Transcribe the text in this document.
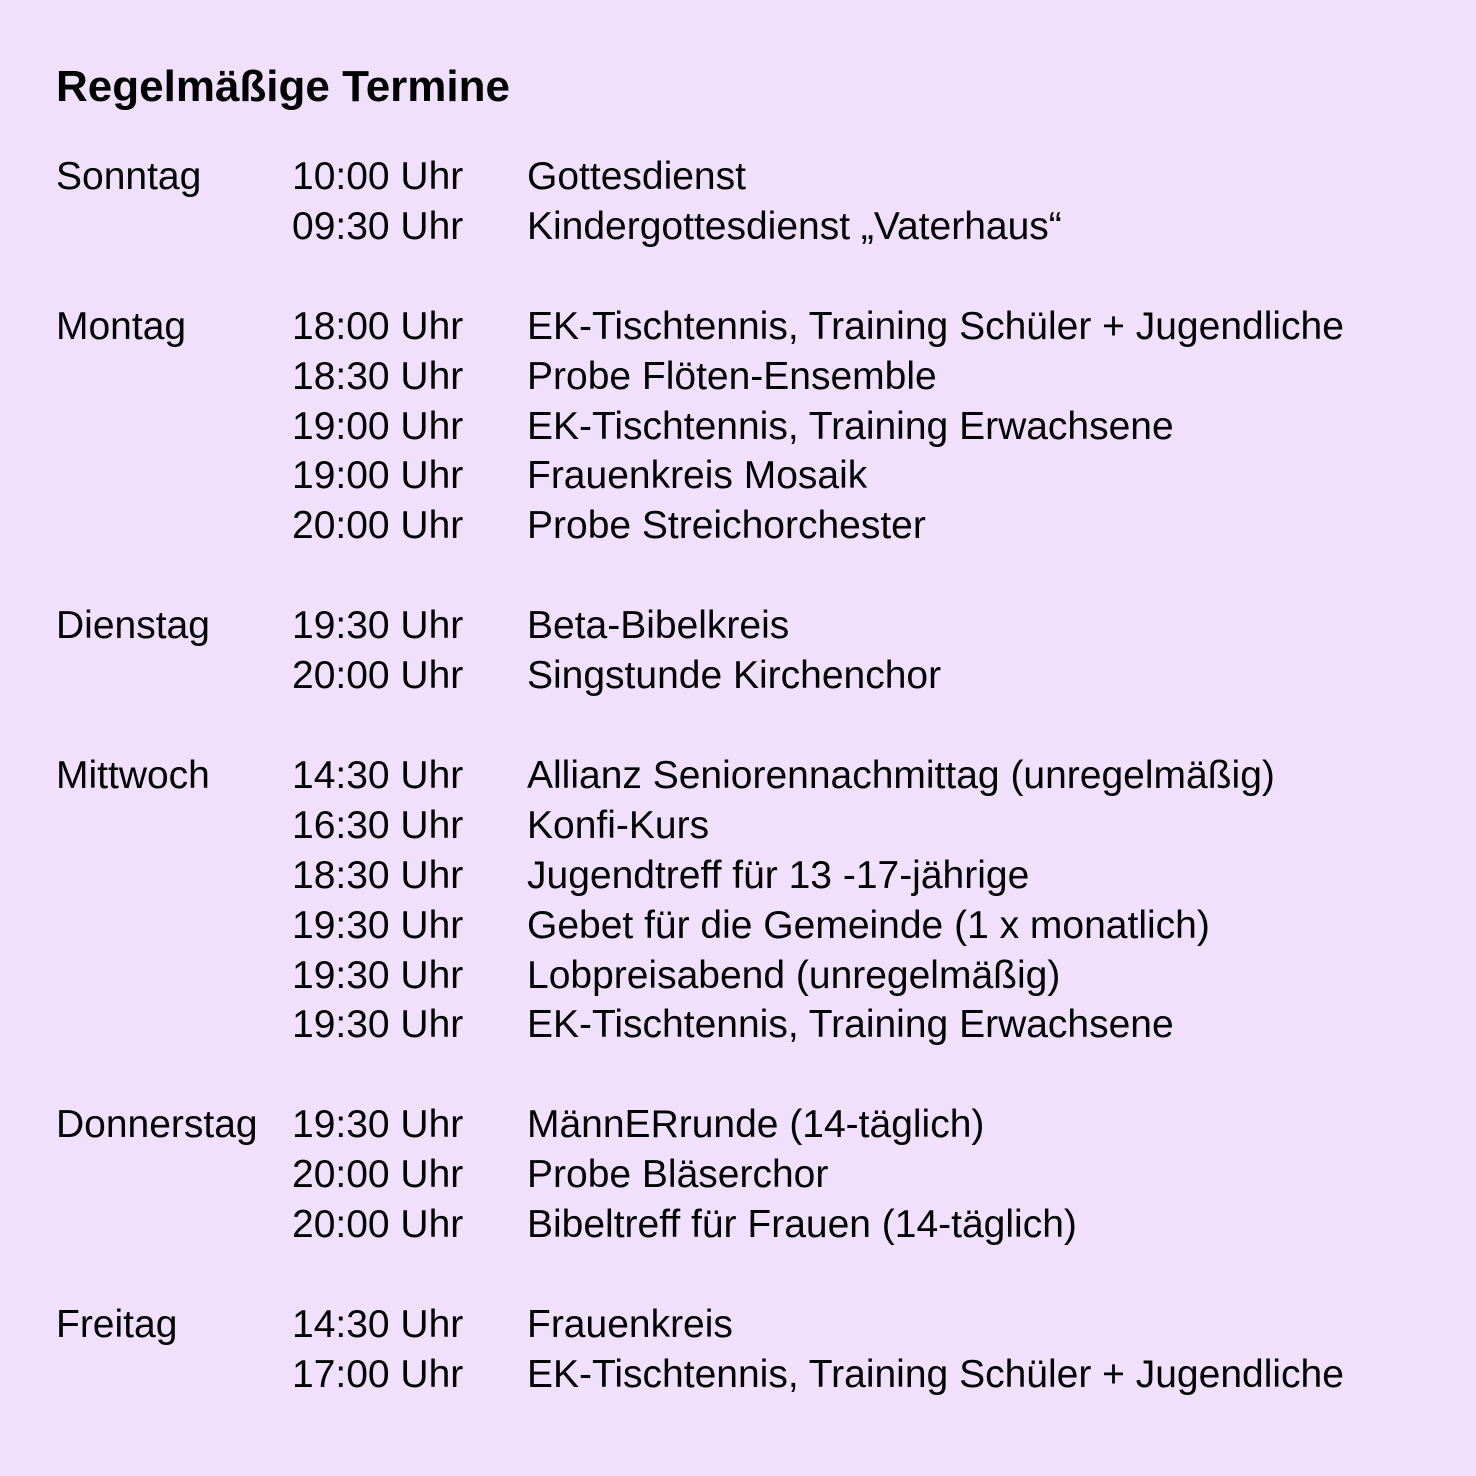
Regelmäßige Termine
Sonntag	10:00 Uhr	Gottesdienst
09:30 Uhr	Kindergottesdienst „Vaterhaus“
Montag	18:00 Uhr	EK-Tischtennis, Training Schüler + Jugendliche
18:30 Uhr	Probe Flöten-Ensemble
19:00 Uhr	EK-Tischtennis, Training Erwachsene
19:00 Uhr	Frauenkreis Mosaik
20:00 Uhr	Probe Streichorchester
Dienstag	19:30 Uhr	Beta-Bibelkreis
20:00 Uhr	Singstunde Kirchenchor
Mittwoch	14:30 Uhr	Allianz Seniorennachmittag (unregelmäßig)
16:30 Uhr	Konfi-Kurs
18:30 Uhr	Jugendtreff für 13 -17-jährige
19:30 Uhr	Gebet für die Gemeinde (1 x monatlich)
19:30 Uhr	Lobpreisabend (unregelmäßig)
19:30 Uhr	EK-Tischtennis, Training Erwachsene
Donnerstag 19:30 Uhr	MännERrunde (14-täglich)
20:00 Uhr	Probe Bläserchor
20:00 Uhr	Bibeltreff für Frauen (14-täglich)
Freitag	14:30 Uhr	Frauenkreis
17:00 Uhr	EK-Tischtennis, Training Schüler + Jugendliche
